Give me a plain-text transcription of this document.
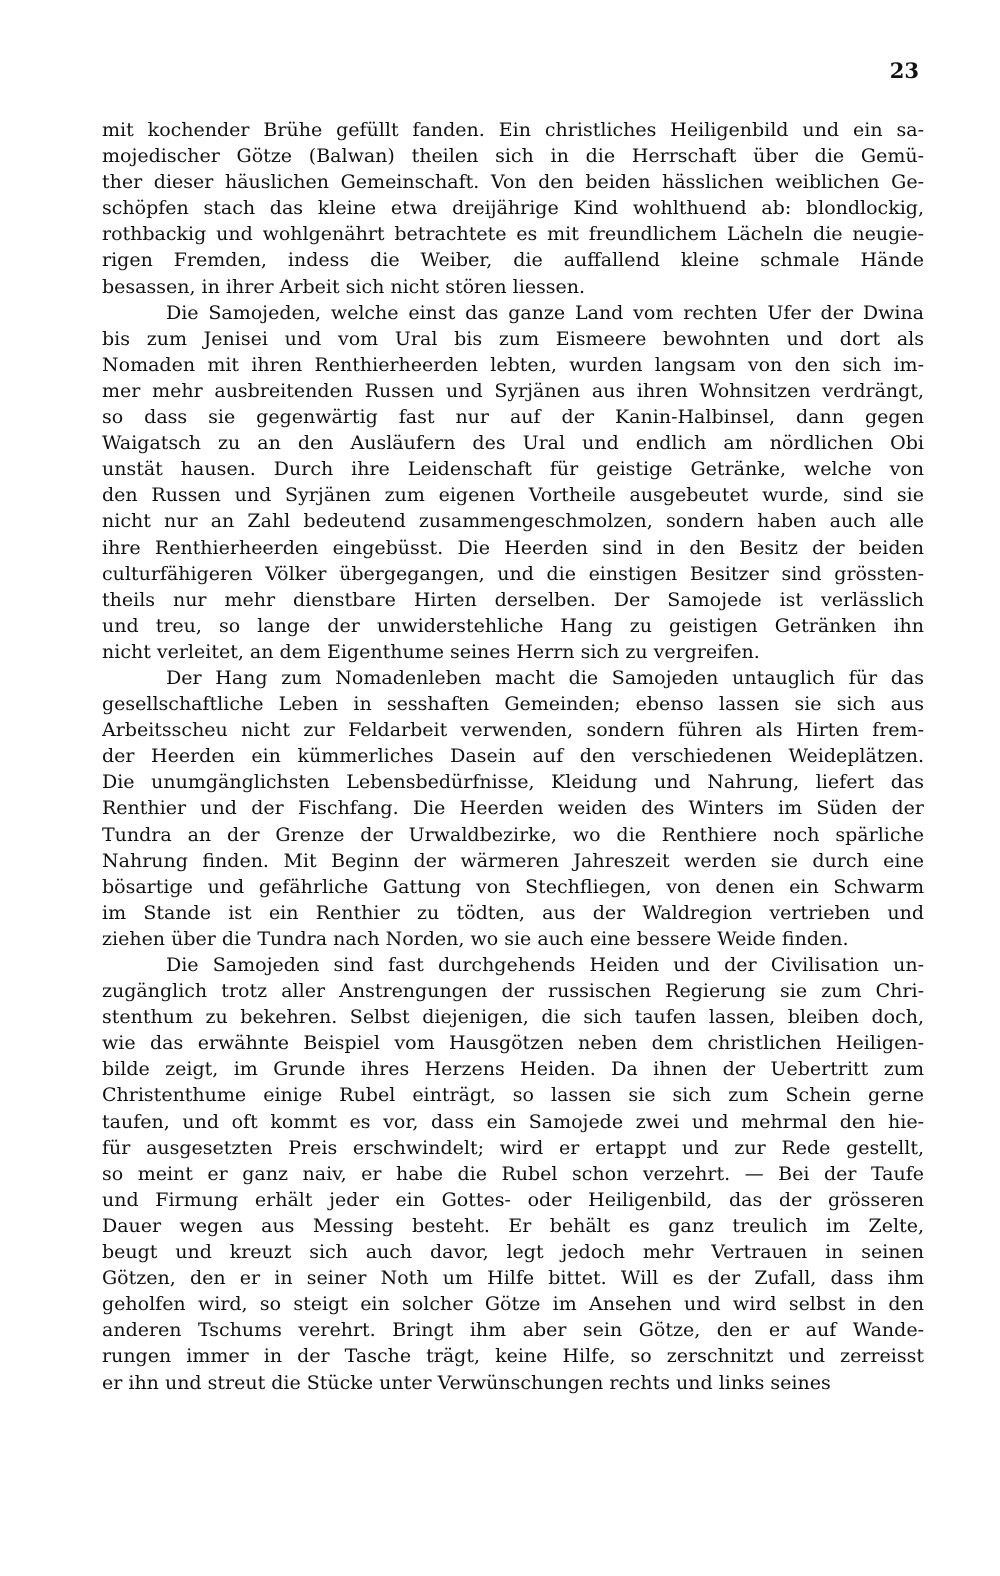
23
mit kochender Brühe gefüllt fanden. Ein christliches Heiligenbild und ein sa-
mojedischer Götze (Balwan) theilen sich in die Herrschaft über die Gemü-
ther dieser häuslichen Gemeinschaft. Von den beiden hässlichen weiblichen Ge-
schöpfen stach das kleine etwa dreijährige Kind wohlthuend ab: blondlockig,
rothbackig und wohlgenährt betrachtete es mit freundlichem Lächeln die neugie-
rigen Fremden, indess die Weiber, die auffallend kleine schmale Hände
besassen, in ihrer Arbeit sich nicht stören liessen.
Die Samojeden, welche einst das ganze Land vom rechten Ufer der Dwina
bis zum Jenisei und vom Ural bis zum Eismeere bewohnten und dort als
Nomaden mit ihren Renthierheerden lebten, wurden langsam von den sich im-
mer mehr ausbreitenden Russen und Syrjänen aus ihren Wohnsitzen verdrängt,
so dass sie gegenwärtig fast nur auf der Kanin-Halbinsel, dann gegen
Waigatsch zu an den Ausläufern des Ural und endlich am nördlichen Obi
unstät hausen. Durch ihre Leidenschaft für geistige Getränke, welche von
den Russen und Syrjänen zum eigenen Vortheile ausgebeutet wurde, sind sie
nicht nur an Zahl bedeutend zusammengeschmolzen, sondern haben auch alle
ihre Renthierheerden eingebüsst. Die Heerden sind in den Besitz der beiden
culturfähigeren Völker übergegangen, und die einstigen Besitzer sind grössten-
theils nur mehr dienstbare Hirten derselben. Der Samojede ist verlässlich
und treu, so lange der unwiderstehliche Hang zu geistigen Getränken ihn
nicht verleitet, an dem Eigenthume seines Herrn sich zu vergreifen.
Der Hang zum Nomadenleben macht die Samojeden untauglich für das
gesellschaftliche Leben in sesshaften Gemeinden; ebenso lassen sie sich aus
Arbeitsscheu nicht zur Feldarbeit verwenden, sondern führen als Hirten frem-
der Heerden ein kümmerliches Dasein auf den verschiedenen Weideplätzen.
Die unumgänglichsten Lebensbedürfnisse, Kleidung und Nahrung, liefert das
Renthier und der Fischfang. Die Heerden weiden des Winters im Süden der
Tundra an der Grenze der Urwaldbezirke, wo die Renthiere noch spärliche
Nahrung finden. Mit Beginn der wärmeren Jahreszeit werden sie durch eine
bösartige und gefährliche Gattung von Stechfliegen, von denen ein Schwarm
im Stande ist ein Renthier zu tödten, aus der Waldregion vertrieben und
ziehen über die Tundra nach Norden, wo sie auch eine bessere Weide finden.
Die Samojeden sind fast durchgehends Heiden und der Civilisation un-
zugänglich trotz aller Anstrengungen der russischen Regierung sie zum Chri-
stenthum zu bekehren. Selbst diejenigen, die sich taufen lassen, bleiben doch,
wie das erwähnte Beispiel vom Hausgötzen neben dem christlichen Heiligen-
bilde zeigt, im Grunde ihres Herzens Heiden. Da ihnen der Uebertritt zum
Christenthume einige Rubel einträgt, so lassen sie sich zum Schein gerne
taufen, und oft kommt es vor, dass ein Samojede zwei und mehrmal den hie-
für ausgesetzten Preis erschwindelt; wird er ertappt und zur Rede gestellt,
so meint er ganz naiv, er habe die Rubel schon verzehrt. — Bei der Taufe
und Firmung erhält jeder ein Gottes- oder Heiligenbild, das der grösseren
Dauer wegen aus Messing besteht. Er behält es ganz treulich im Zelte,
beugt und kreuzt sich auch davor, legt jedoch mehr Vertrauen in seinen
Götzen, den er in seiner Noth um Hilfe bittet. Will es der Zufall, dass ihm
geholfen wird, so steigt ein solcher Götze im Ansehen und wird selbst in den
anderen Tschums verehrt. Bringt ihm aber sein Götze, den er auf Wande-
rungen immer in der Tasche trägt, keine Hilfe, so zerschnitzt und zerreisst
er ihn und streut die Stücke unter Verwünschungen rechts und links seines
